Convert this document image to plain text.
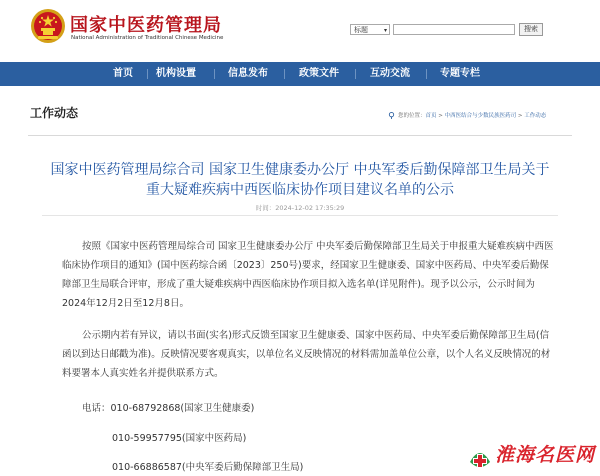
国家中医药管理局
National Administration of Traditional Chinese Medicine
标题	▾	搜索
首页 机构设置	信息发布	政策文件	互动交流	专题专栏
工作动态	您的位置：首页 > 中西医结合与少数民族医药司 > 工作动态
国家中医药管理局综合司 国家卫生健康委办公厅 中央军委后勤保障部卫生局关于
重大疑难疾病中西医临床协作项目建议名单的公示
时间：2024-12-02 17:35:29
按照《国家中医药管理局综合司 国家卫生健康委办公厅 中央军委后勤保障部卫生局关于申报重大疑难疾病中西医临床协作项目的通知》(国中医药综合函〔2023〕250号)要求，经国家卫生健康委、国家中医药局、中央军委后勤保障部卫生局联合评审，形成了重大疑难疾病中西医临床协作项目拟入选名单(详见附件)。现予以公示，公示时间为2024年12月2日至12月8日。
公示期内若有异议，请以书面(实名)形式反馈至国家卫生健康委、国家中医药局、中央军委后勤保障部卫生局(信函以到达日邮戳为准)。反映情况要客观真实，以单位名义反映情况的材料需加盖单位公章，以个人名义反映情况的材料要署本人真实姓名并提供联系方式。
电话：010-68792868(国家卫生健康委)
010-59957795(国家中医药局)
010-66886587(中央军委后勤保障部卫生局)
淮海名医网
